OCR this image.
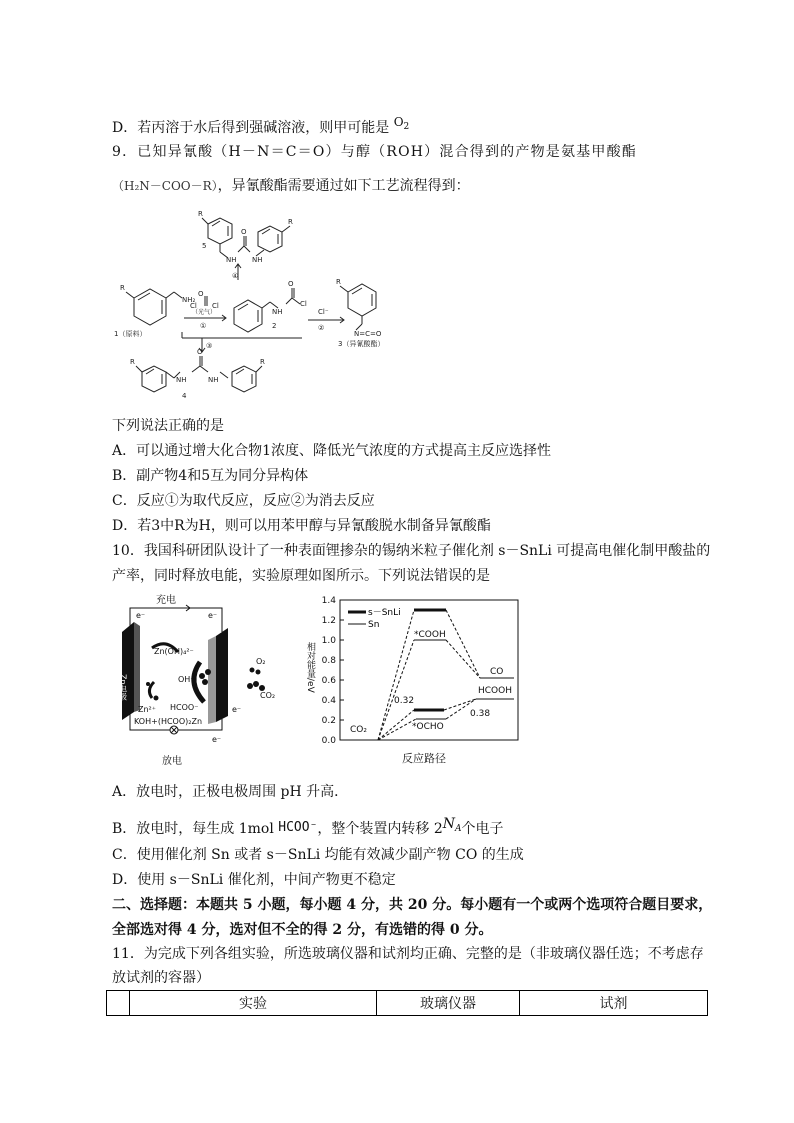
D．若丙溶于水后得到强碱溶液，则甲可能是 $O_2$
9．已知异氰酸（H－N＝C＝O）与醇（ROH）混合得到的产物是氨基甲酸酯
（H₂N－COO－R），异氰酸酯需要通过如下工艺流程得到：
R
NH₂
1（原料）
O
Cl Cl
（光气）
①
NH
O
Cl
2
Cl⁻
②
R
N=C=O
3（异氰酸酯）
④
R
5
NH NH
O
R
③
R
NH	NH
O
4
R
下列说法正确的是
A．可以通过增大化合物1浓度、降低光气浓度的方式提高主反应选择性
B．副产物4和5互为同分异构体
C．反应①为取代反应，反应②为消去反应
D．若3中R为H，则可以用苯甲醇与异氰酸脱水制备异氰酸酯
10．我国科研团队设计了一种表面锂掺杂的锡纳米粒子催化剂 s－SnLi 可提高电催化制甲酸盐的
产率，同时释放电能，实验原理如图所示。下列说法错误的是
充电
e⁻	e⁻
Zn(OH)₄²⁻
OH⁻
O₂
CO₂
Zn²⁺ HCOO⁻	e⁻
KOH+(HCOO)₂Zn
e⁻
放电
Zn电极
0.0
0.2
0.4
0.6
0.8
1.0
1.2
1.4
相对能量/eV
反应路径
s－SnLi
Sn
CO₂
*COOH
*OCHO
CO
HCOOH
0.32
0.38
A．放电时，正极电极周围 pH 升高．
B．放电时，每生成 1mol HCOO⁻，整个装置内转移 $2N_A$个电子
C．使用催化剂 Sn 或者 s－SnLi 均能有效减少副产物 CO 的生成
D．使用 s－SnLi 催化剂，中间产物更不稳定
二、选择题：本题共 5 小题，每小题 4 分，共 20 分。每小题有一个或两个选项符合题目要求，
全部选对得 4 分，选对但不全的得 2 分，有选错的得 0 分。
11．为完成下列各组实验，所选玻璃仪器和试剂均正确、完整的是（非玻璃仪器任选；不考虑存
放试剂的容器）
	实验	玻璃仪器	试剂
